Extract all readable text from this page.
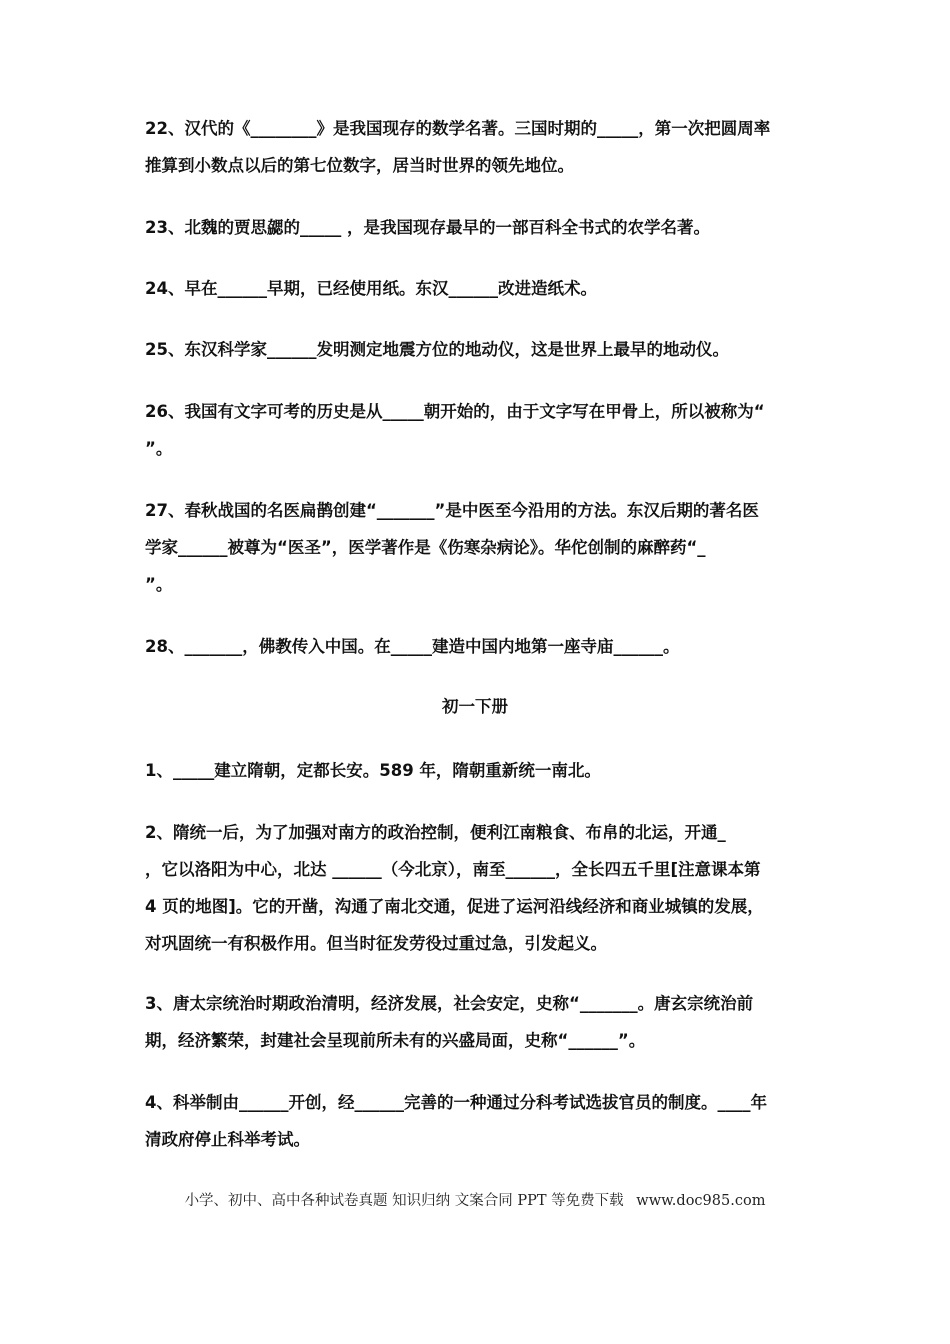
22、汉代的《________》是我国现存的数学名著。三国时期的_____，第一次把圆周率
推算到小数点以后的第七位数字，居当时世界的领先地位。
23、北魏的贾思勰的_____ ，是我国现存最早的一部百科全书式的农学名著。
24、早在______早期，已经使用纸。东汉______改进造纸术。
25、东汉科学家______发明测定地震方位的地动仪，这是世界上最早的地动仪。
26、我国有文字可考的历史是从_____朝开始的，由于文字写在甲骨上，所以被称为“
”。
27、春秋战国的名医扁鹊创建“_______”是中医至今沿用的方法。东汉后期的著名医
学家______被尊为“医圣”，医学著作是《伤寒杂病论》。华佗创制的麻醉药“_
”。
28、_______，佛教传入中国。在_____建造中国内地第一座寺庙______。
初一下册
1、_____建立隋朝，定都长安。589 年，隋朝重新统一南北。
2、隋统一后，为了加强对南方的政治控制，便利江南粮食、布帛的北运，开通_
，它以洛阳为中心，北达 ______（今北京），南至______，全长四五千里[注意课本第
4 页的地图]。它的开凿，沟通了南北交通，促进了运河沿线经济和商业城镇的发展，
对巩固统一有积极作用。但当时征发劳役过重过急，引发起义。
3、唐太宗统治时期政治清明，经济发展，社会安定，史称“_______。唐玄宗统治前
期，经济繁荣，封建社会呈现前所未有的兴盛局面，史称“______”。
4、科举制由______开创，经______完善的一种通过分科考试选拔官员的制度。____年
清政府停止科举考试。
小学、初中、高中各种试卷真题 知识归纳 文案合同 PPT 等免费下载 www.doc985.com
